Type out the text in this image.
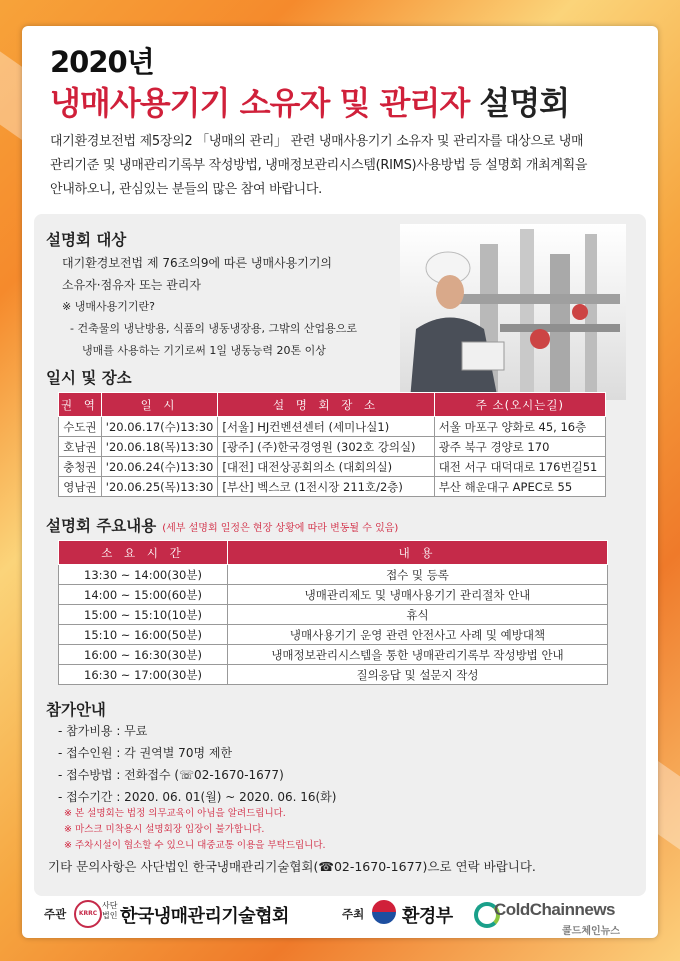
2020년
냉매사용기기 소유자 및 관리자 설명회
대기환경보전법 제5장의2 「냉매의 관리」 관련 냉매사용기기 소유자 및 관리자를 대상으로 냉매
관리기준 및 냉매관리기록부 작성방법, 냉매정보관리시스템(RIMS)사용방법 등 설명회 개최계획을
안내하오니, 관심있는 분들의 많은 참여 바랍니다.
설명회 대상
대기환경보전법 제 76조의9에 따른 냉매사용기기의
소유자·점유자 또는 관리자
※ 냉매사용기기란?
- 건축물의 냉난방용, 식품의 냉동냉장용, 그밖의 산업용으로
냉매를 사용하는 기기로써 1일 냉동능력 20톤 이상
일시 및 장소
권 역	일 시	설 명 회 장 소	주 소(오시는길)
수도권	'20.06.17(수)13:30	[서울] HJ컨벤션센터 (세미나실1)	서울 마포구 양화로 45, 16층
호남권	'20.06.18(목)13:30	[광주] (주)한국경영원 (302호 강의실)	광주 북구 경양로 170
충청권	'20.06.24(수)13:30	[대전] 대전상공회의소 (대회의실)	대전 서구 대덕대로 176번길51
영남권	'20.06.25(목)13:30	[부산] 벡스코 (1전시장 211호/2층)	부산 해운대구 APEC로 55
설명회 주요내용 (세부 설명회 일정은 현장 상황에 따라 변동될 수 있음)
소 요 시 간	내 용
13:30 ~ 14:00(30분)	접수 및 등록
14:00 ~ 15:00(60분)	냉매관리제도 및 냉매사용기기 관리절차 안내
15:00 ~ 15:10(10분)	휴식
15:10 ~ 16:00(50분)	냉매사용기기 운영 관련 안전사고 사례 및 예방대책
16:00 ~ 16:30(30분)	냉매정보관리시스템을 통한 냉매관리기록부 작성방법 안내
16:30 ~ 17:00(30분)	질의응답 및 설문지 작성
참가안내
- 참가비용 : 무료
- 접수인원 : 각 권역별 70명 제한
- 접수방법 : 전화접수 (☏02-1670-1677)
- 접수기간 : 2020. 06. 01(월) ~ 2020. 06. 16(화)
※ 본 설명회는 법정 의무교육이 아님을 알려드립니다.
※ 마스크 미착용시 설명회장 입장이 불가합니다.
※ 주차시설이 협소할 수 있으니 대중교통 이용을 부탁드립니다.
기타 문의사항은 사단법인 한국냉매관리기술협회(☎02-1670-1677)으로 연락 바랍니다.
주관	KRRC
사단
법인 한국냉매관리기술협회	주최 환경부 ColdChainnews
콜드체인뉴스
